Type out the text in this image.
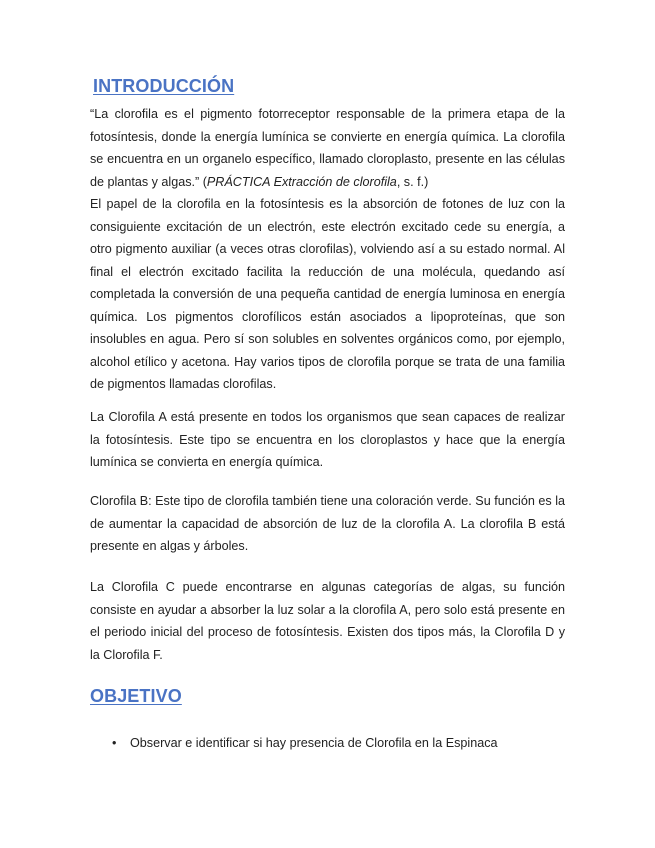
INTRODUCCIÓN

“La clorofila es el pigmento fotorreceptor responsable de la primera etapa de la fotosíntesis, donde la energía lumínica se convierte en energía química. La clorofila se encuentra en un organelo específico, llamado cloroplasto, presente en las células de plantas y algas.” (PRÁCTICA Extracción de clorofila, s. f.)

El papel de la clorofila en la fotosíntesis es la absorción de fotones de luz con la consiguiente excitación de un electrón, este electrón excitado cede su energía, a otro pigmento auxiliar (a veces otras clorofilas), volviendo así a su estado normal. Al final el electrón excitado facilita la reducción de una molécula, quedando así completada la conversión de una pequeña cantidad de energía luminosa en energía química. Los pigmentos clorofílicos están asociados a lipoproteínas, que son insolubles en agua. Pero sí son solubles en solventes orgánicos como, por ejemplo, alcohol etílico y acetona. Hay varios tipos de clorofila porque se trata de una familia de pigmentos llamadas clorofilas.

La Clorofila A está presente en todos los organismos que sean capaces de realizar la fotosíntesis. Este tipo se encuentra en los cloroplastos y hace que la energía lumínica se convierta en energía química.

Clorofila B: Este tipo de clorofila también tiene una coloración verde. Su función es la de aumentar la capacidad de absorción de luz de la clorofila A. La clorofila B está presente en algas y árboles.

La Clorofila C puede encontrarse en algunas categorías de algas, su función consiste en ayudar a absorber la luz solar a la clorofila A, pero solo está presente en el periodo inicial del proceso de fotosíntesis. Existen dos tipos más, la Clorofila D y la Clorofila F.

OBJETIVO
• Observar e identificar si hay presencia de Clorofila en la Espinaca
